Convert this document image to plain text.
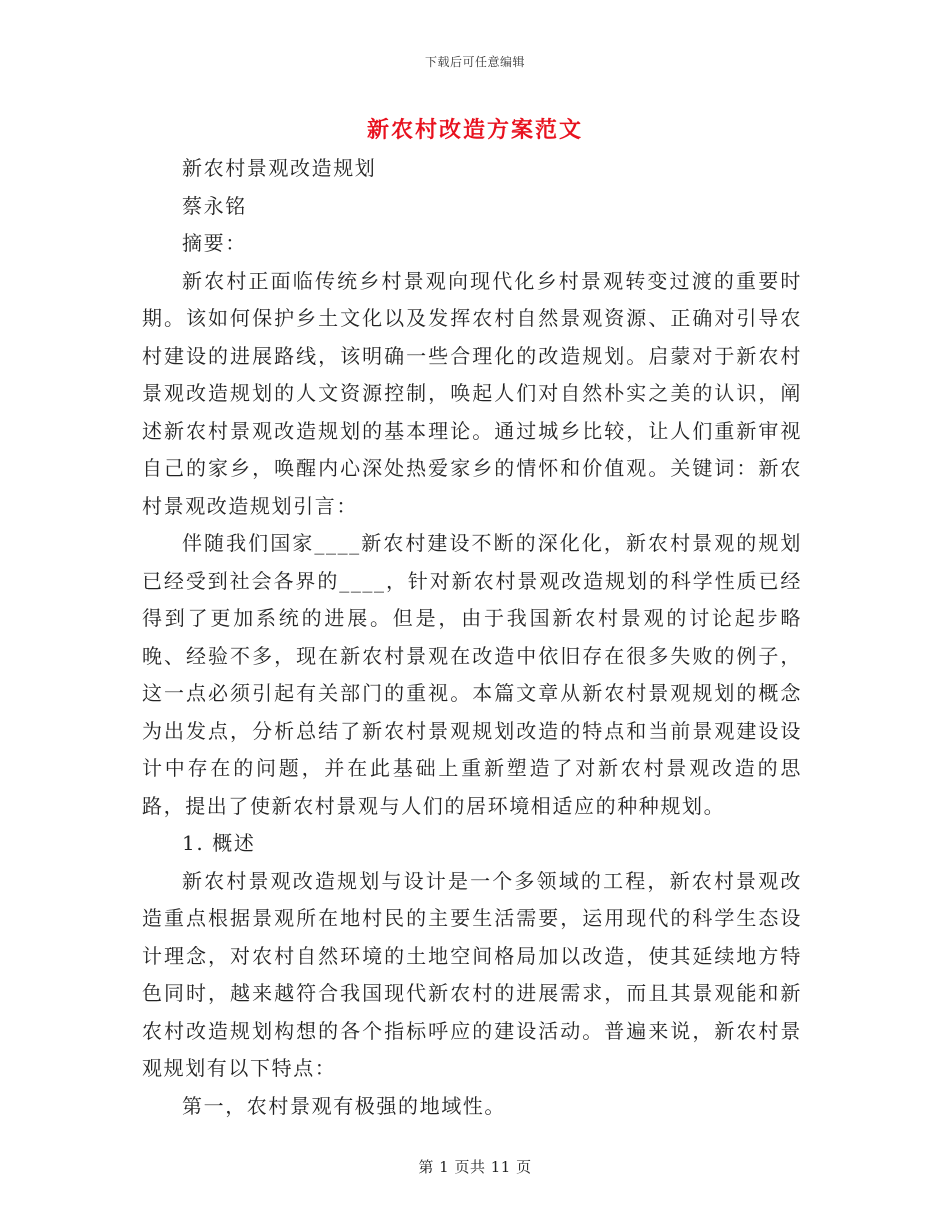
下载后可任意编辑
新农村改造方案范文

新农村景观改造规划

蔡永铭

摘要：

新农村正面临传统乡村景观向现代化乡村景观转变过渡的重要时期。该如何保护乡土文化以及发挥农村自然景观资源、正确对引导农村建设的进展路线，该明确一些合理化的改造规划。启蒙对于新农村景观改造规划的人文资源控制，唤起人们对自然朴实之美的认识，阐述新农村景观改造规划的基本理论。通过城乡比较，让人们重新审视自己的家乡，唤醒内心深处热爱家乡的情怀和价值观。关键词：新农村景观改造规划引言：

伴随我们国家____新农村建设不断的深化化，新农村景观的规划已经受到社会各界的____，针对新农村景观改造规划的科学性质已经得到了更加系统的进展。但是，由于我国新农村景观的讨论起步略晚、经验不多，现在新农村景观在改造中依旧存在很多失败的例子，这一点必须引起有关部门的重视。本篇文章从新农村景观规划的概念为出发点，分析总结了新农村景观规划改造的特点和当前景观建设设计中存在的问题，并在此基础上重新塑造了对新农村景观改造的思路，提出了使新农村景观与人们的居环境相适应的种种规划。

1. 概述

新农村景观改造规划与设计是一个多领域的工程，新农村景观改造重点根据景观所在地村民的主要生活需要，运用现代的科学生态设计理念，对农村自然环境的土地空间格局加以改造，使其延续地方特色同时，越来越符合我国现代新农村的进展需求，而且其景观能和新农村改造规划构想的各个指标呼应的建设活动。普遍来说，新农村景观规划有以下特点：

第一，农村景观有极强的地域性。

第 1 页共 11 页
